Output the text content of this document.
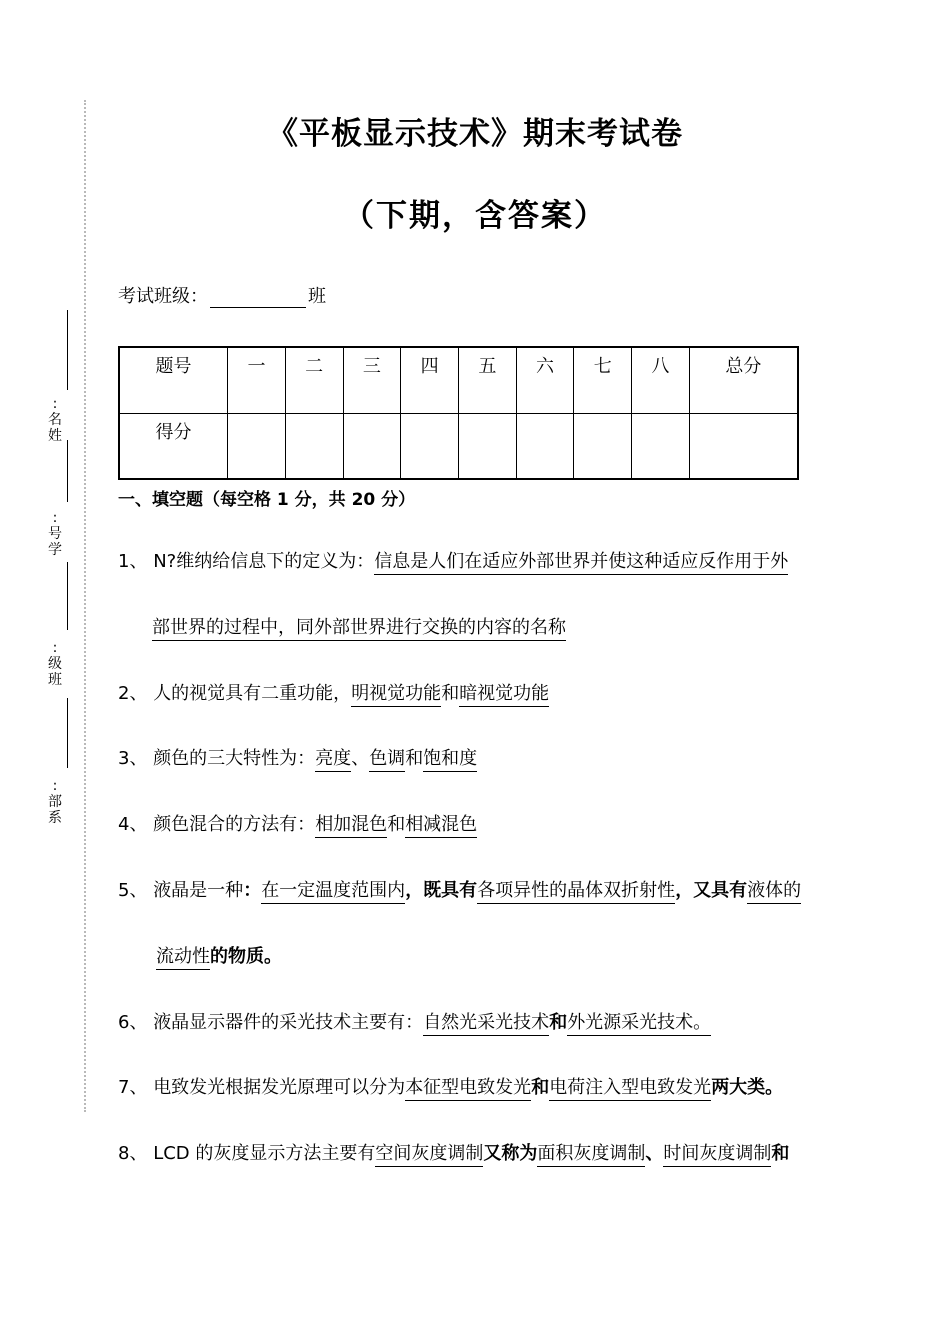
:名姓
:号学
:级班
:部系
《平板显示技术》期末考试卷
（下期，含答案）
考试班级：	班
题号	一	二	三	四	五	六	七	八	总分
得分									
一、填空题（每空格 1 分，共 20 分）
1、 N?维纳给信息下的定义为：信息是人们在适应外部世界并使这种适应反作用于外
部世界的过程中，同外部世界进行交换的内容的名称
2、 人的视觉具有二重功能，明视觉功能和暗视觉功能
3、 颜色的三大特性为：亮度、色调和饱和度
4、 颜色混合的方法有：相加混色和相减混色
5、 液晶是一种：在一定温度范围内，既具有各项异性的晶体双折射性，又具有液体的
流动性的物质。
6、 液晶显示器件的采光技术主要有：自然光采光技术和外光源采光技术。
7、 电致发光根据发光原理可以分为本征型电致发光和电荷注入型电致发光两大类。
8、 LCD 的灰度显示方法主要有空间灰度调制又称为面积灰度调制、时间灰度调制和
